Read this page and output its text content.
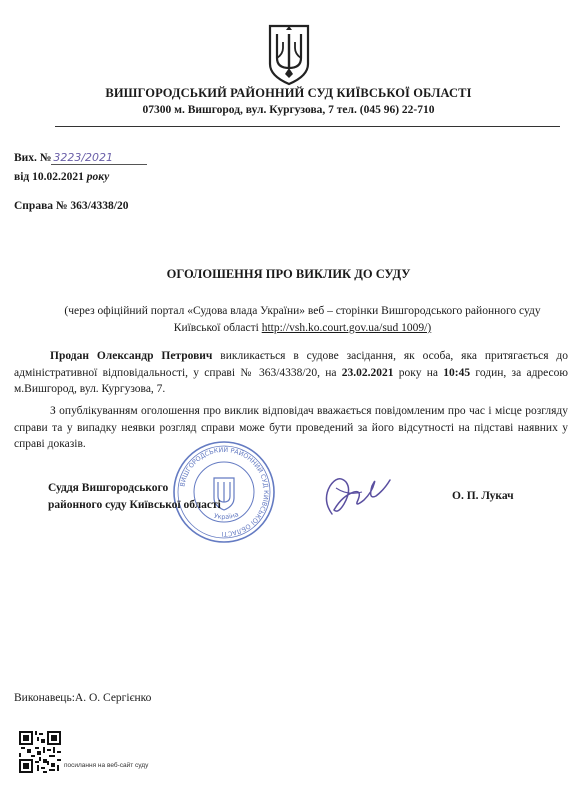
ВИШГОРОДСЬКИЙ РАЙОННИЙ СУД КИЇВСЬКОЇ ОБЛАСТІ
07300 м. Вишгород, вул. Кургузова, 7 тел. (045 96) 22-710
Вих. № 3223/2021
від 10.02.2021 року
Справа № 363/4338/20
ОГОЛОШЕННЯ ПРО ВИКЛИК ДО СУДУ
(через офіційний портал «Судова влада України» веб – сторінки Вишгородського районного суду Київської області http://vsh.ko.court.gov.ua/sud 1009/)
Продан Олександр Петрович викликається в судове засідання, як особа, яка притягається до адміністративної відповідальності, у справі № 363/4338/20, на 23.02.2021 року на 10:45 годин, за адресою м.Вишгород, вул. Кургузова, 7.
З опублікуванням оголошення про виклик відповідач вважається повідомленим про час і місце розгляду справи та у випадку неявки розгляд справи може бути проведений за його відсутності на підставі наявних у справі доказів.
ВИШГОРОДСЬКИЙ РАЙОННИЙ СУД КИЇВСЬКОЇ ОБЛАСТІ
Україна
Суддя Вишгородського
районного суду Київської області
О. П. Лукач
Виконавець:А. О. Сергієнко
посилання на веб-сайт суду
